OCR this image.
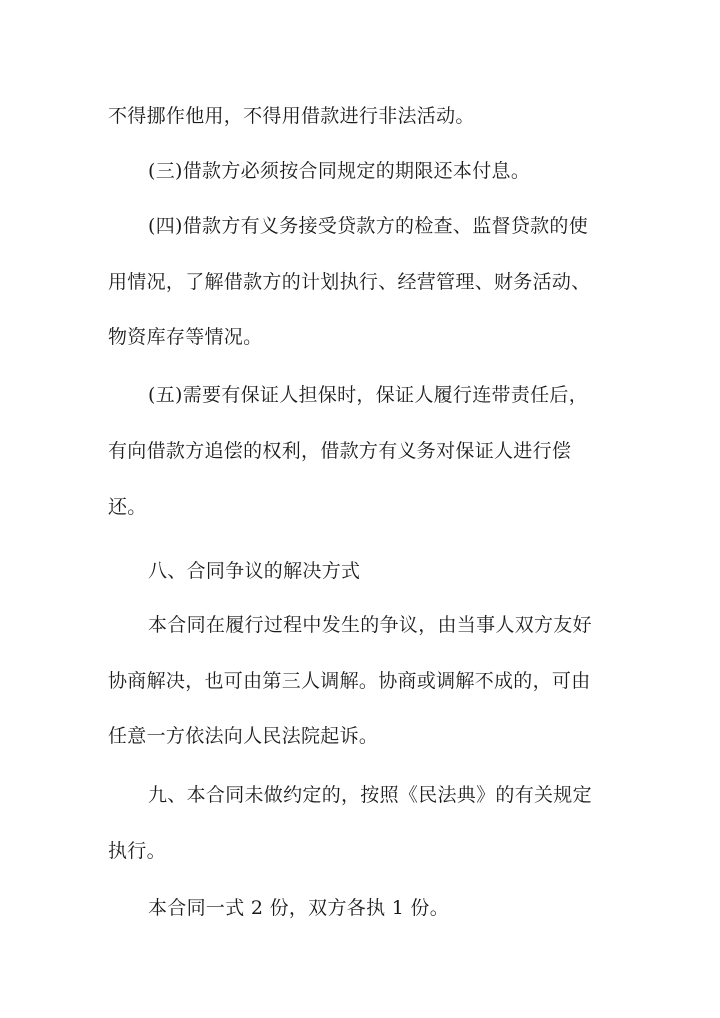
不得挪作他用，不得用借款进行非法活动。
(三)借款方必须按合同规定的期限还本付息。
(四)借款方有义务接受贷款方的检查、监督贷款的使
用情况，了解借款方的计划执行、经营管理、财务活动、
物资库存等情况。
(五)需要有保证人担保时，保证人履行连带责任后，
有向借款方追偿的权利，借款方有义务对保证人进行偿
还。
八、合同争议的解决方式
本合同在履行过程中发生的争议，由当事人双方友好
协商解决，也可由第三人调解。协商或调解不成的，可由
任意一方依法向人民法院起诉。
九、本合同未做约定的，按照《民法典》的有关规定
执行。
本合同一式 2 份，双方各执 1 份。
